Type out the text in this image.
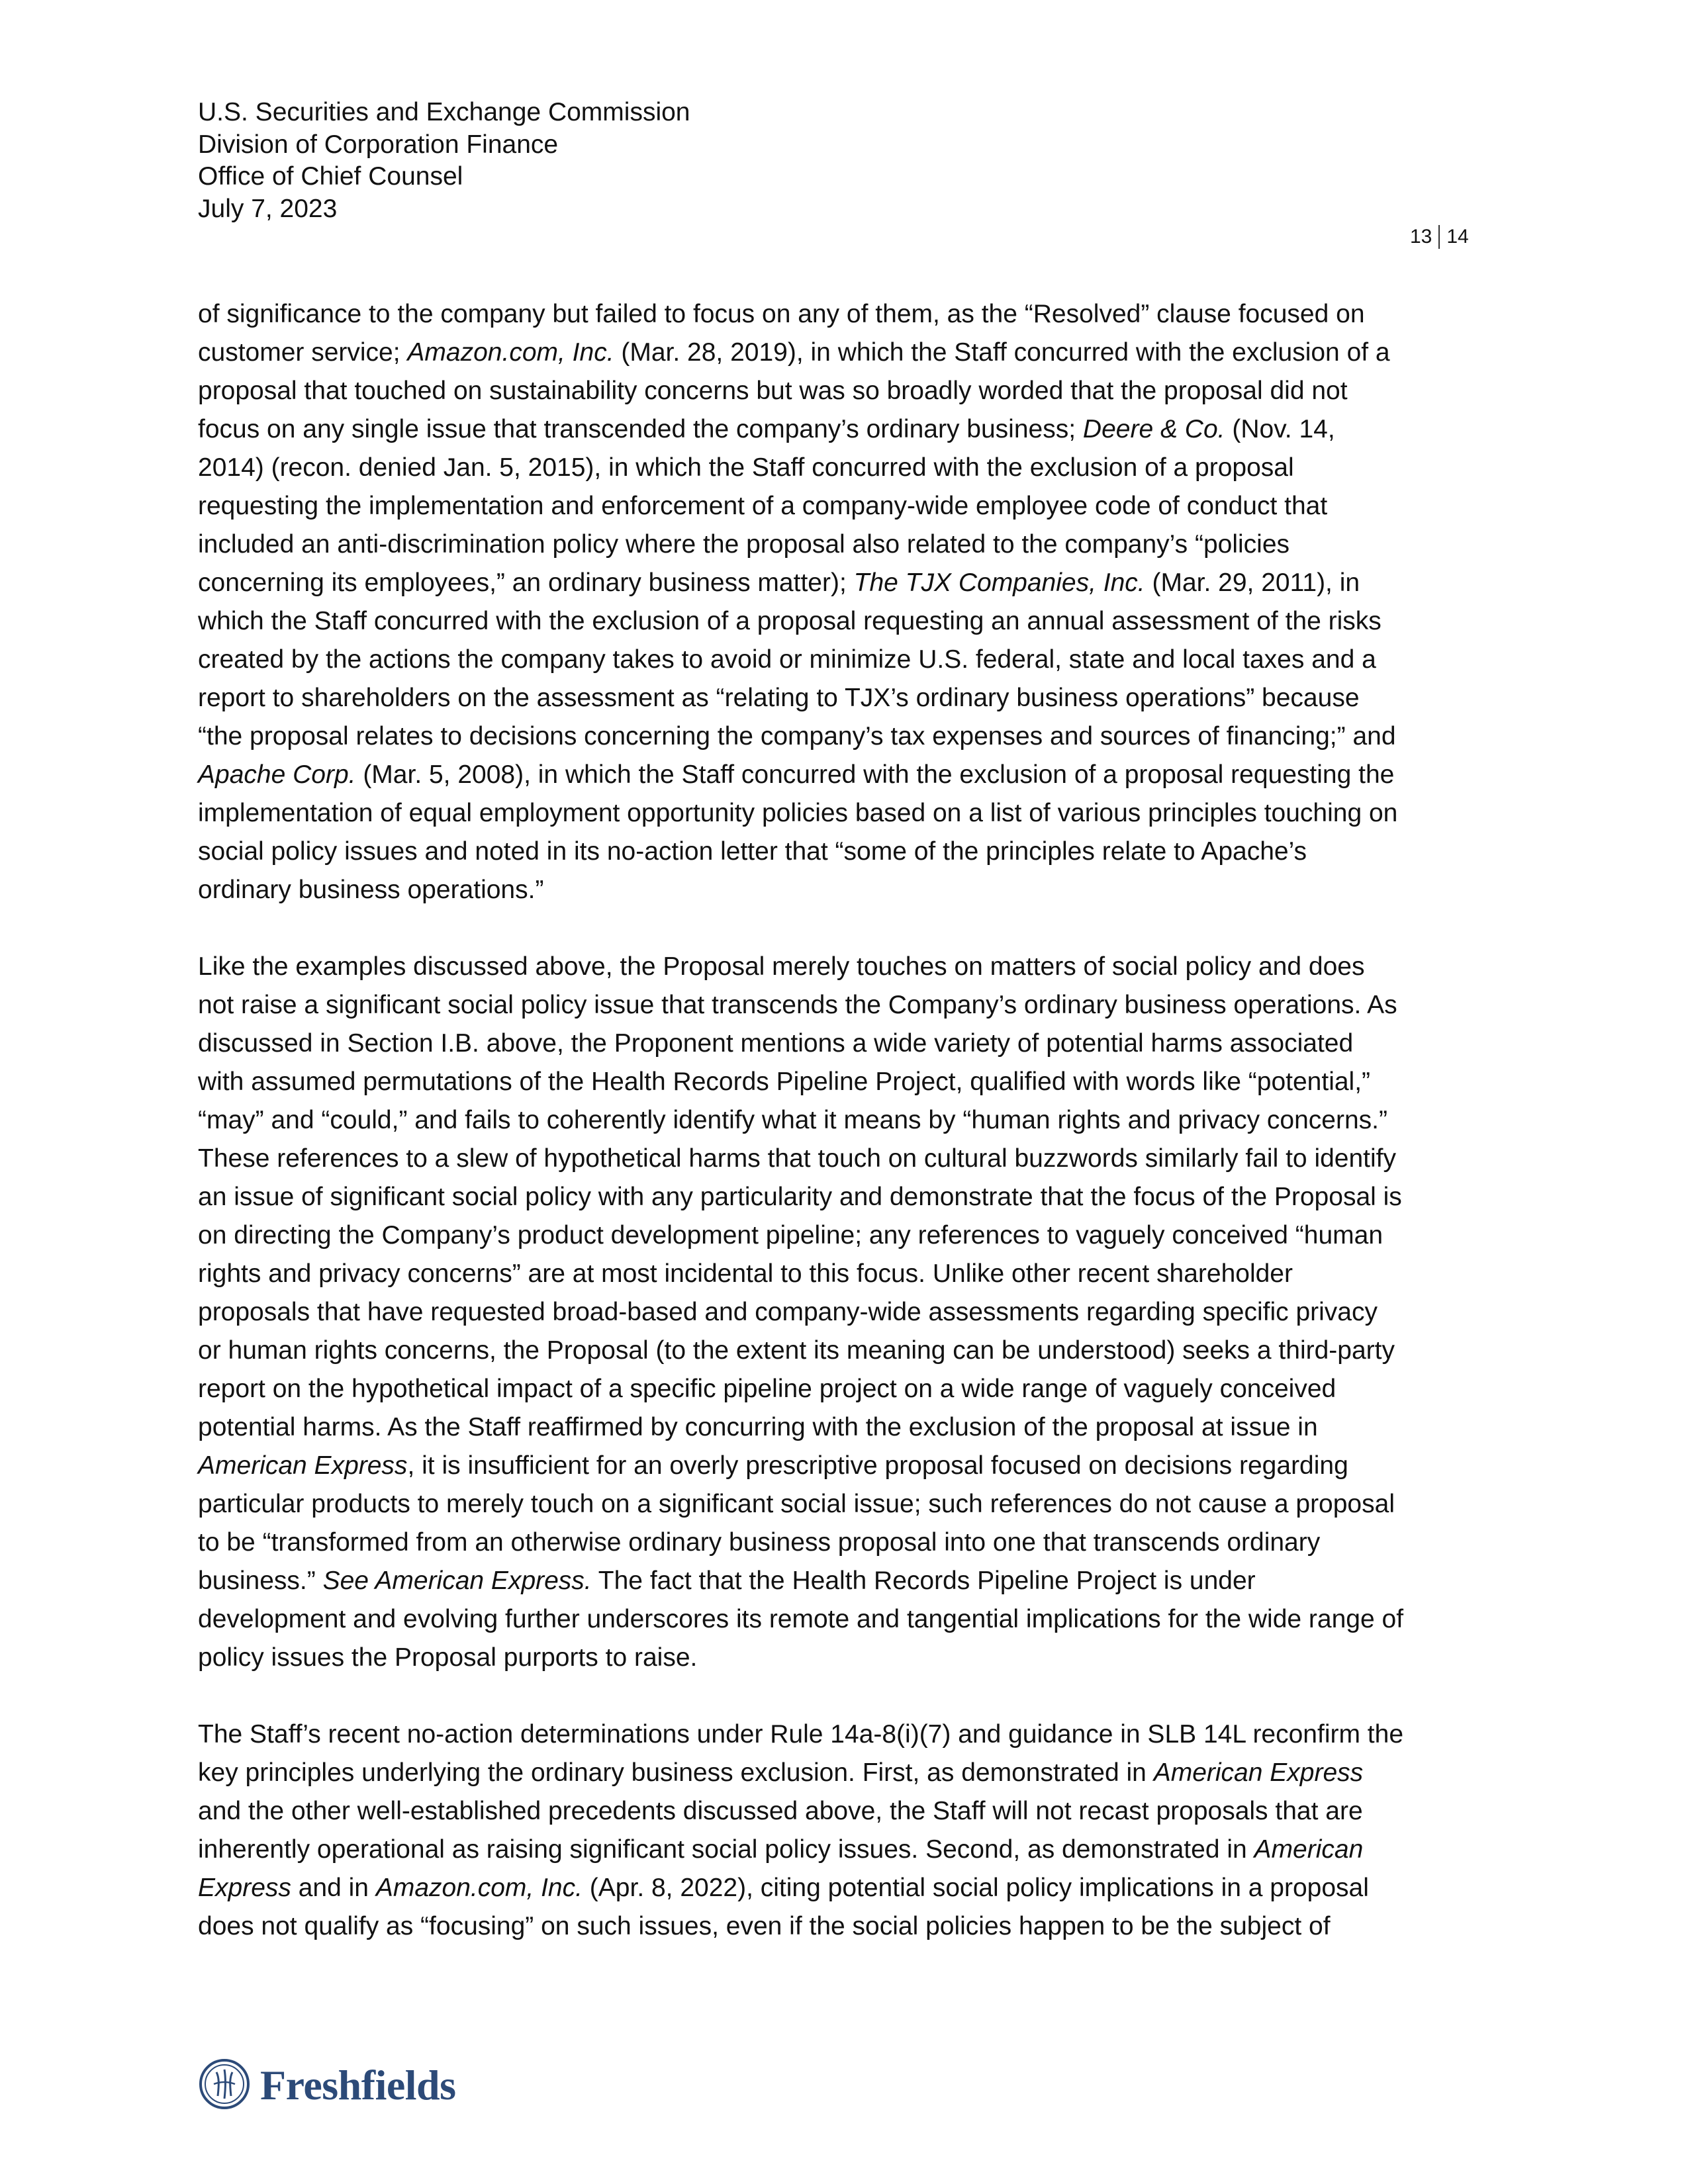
U.S. Securities and Exchange Commission
Division of Corporation Finance
Office of Chief Counsel
July 7, 2023
13 14
of significance to the company but failed to focus on any of them, as the “Resolved” clause focused on
customer service; Amazon.com, Inc. (Mar. 28, 2019), in which the Staff concurred with the exclusion of a
proposal that touched on sustainability concerns but was so broadly worded that the proposal did not
focus on any single issue that transcended the company’s ordinary business; Deere & Co. (Nov. 14,
2014) (recon. denied Jan. 5, 2015), in which the Staff concurred with the exclusion of a proposal
requesting the implementation and enforcement of a company-wide employee code of conduct that
included an anti-discrimination policy where the proposal also related to the company’s “policies
concerning its employees,” an ordinary business matter); The TJX Companies, Inc. (Mar. 29, 2011), in
which the Staff concurred with the exclusion of a proposal requesting an annual assessment of the risks
created by the actions the company takes to avoid or minimize U.S. federal, state and local taxes and a
report to shareholders on the assessment as “relating to TJX’s ordinary business operations” because
“the proposal relates to decisions concerning the company’s tax expenses and sources of financing;” and
Apache Corp. (Mar. 5, 2008), in which the Staff concurred with the exclusion of a proposal requesting the
implementation of equal employment opportunity policies based on a list of various principles touching on
social policy issues and noted in its no-action letter that “some of the principles relate to Apache’s
ordinary business operations.”
Like the examples discussed above, the Proposal merely touches on matters of social policy and does
not raise a significant social policy issue that transcends the Company’s ordinary business operations. As
discussed in Section I.B. above, the Proponent mentions a wide variety of potential harms associated
with assumed permutations of the Health Records Pipeline Project, qualified with words like “potential,”
“may” and “could,” and fails to coherently identify what it means by “human rights and privacy concerns.”
These references to a slew of hypothetical harms that touch on cultural buzzwords similarly fail to identify
an issue of significant social policy with any particularity and demonstrate that the focus of the Proposal is
on directing the Company’s product development pipeline; any references to vaguely conceived “human
rights and privacy concerns” are at most incidental to this focus. Unlike other recent shareholder
proposals that have requested broad-based and company-wide assessments regarding specific privacy
or human rights concerns, the Proposal (to the extent its meaning can be understood) seeks a third-party
report on the hypothetical impact of a specific pipeline project on a wide range of vaguely conceived
potential harms. As the Staff reaffirmed by concurring with the exclusion of the proposal at issue in
American Express, it is insufficient for an overly prescriptive proposal focused on decisions regarding
particular products to merely touch on a significant social issue; such references do not cause a proposal
to be “transformed from an otherwise ordinary business proposal into one that transcends ordinary
business.” See American Express. The fact that the Health Records Pipeline Project is under
development and evolving further underscores its remote and tangential implications for the wide range of
policy issues the Proposal purports to raise.
The Staff’s recent no-action determinations under Rule 14a-8(i)(7) and guidance in SLB 14L reconfirm the
key principles underlying the ordinary business exclusion. First, as demonstrated in American Express
and the other well-established precedents discussed above, the Staff will not recast proposals that are
inherently operational as raising significant social policy issues. Second, as demonstrated in American
Express and in Amazon.com, Inc. (Apr. 8, 2022), citing potential social policy implications in a proposal
does not qualify as “focusing” on such issues, even if the social policies happen to be the subject of
Freshfields
